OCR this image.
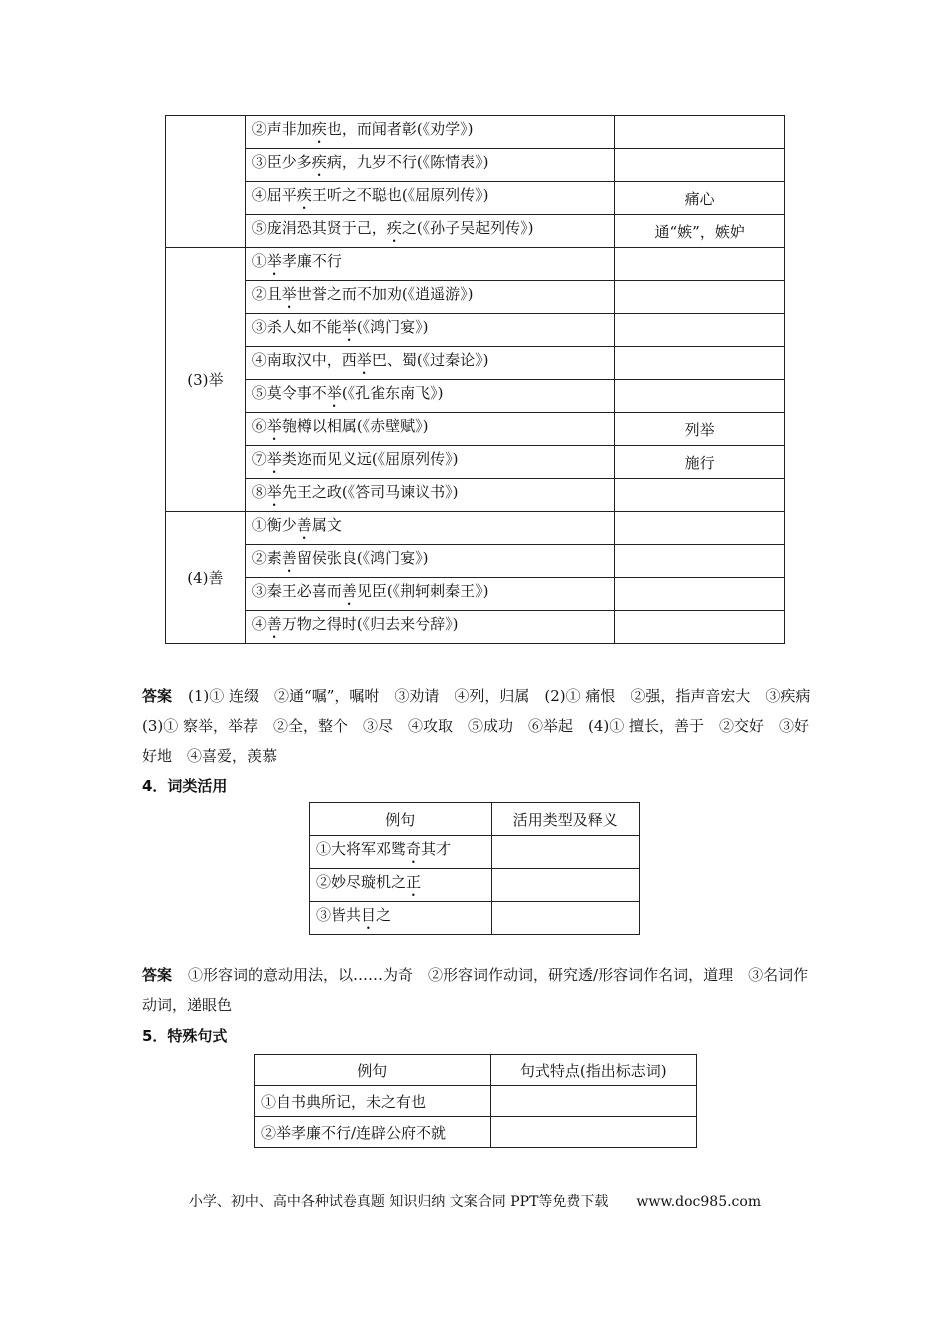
	②声非加疾也，而闻者彰(《劝学》)	
	③臣少多疾病，九岁不行(《陈情表》)	
	④屈平疾王听之不聪也(《屈原列传》)	痛心
	⑤庞涓恐其贤于己，疾之(《孙子吴起列传》)	通“嫉”，嫉妒
(3)举	①举孝廉不行	
	②且举世誉之而不加劝(《逍遥游》)	
	③杀人如不能举(《鸿门宴》)	
	④南取汉中，西举巴、蜀(《过秦论》)	
	⑤莫令事不举(《孔雀东南飞》)	
	⑥举匏樽以相属(《赤壁赋》)	列举
	⑦举类迩而见义远(《屈原列传》)	施行
	⑧举先王之政(《答司马谏议书》)	
(4)善	①衡少善属文	
	②素善留侯张良(《鸿门宴》)	
	③秦王必喜而善见臣(《荆轲刺秦王》)	
	④善万物之得时(《归去来兮辞》)	
答案 (1)① 连缀　②通“嘱”，嘱咐　③劝请　④列，归属　(2)① 痛恨　②强，指声音宏大　③疾病　(3)① 察举，举荐　②全，整个　③尽　④攻取　⑤成功　⑥举起　(4)① 擅长，善于　②交好　③好好地　④喜爱，羡慕
4．词类活用
例句	活用类型及释义
①大将军邓骘奇其才	
②妙尽璇机之正	
③皆共目之	
答案 ①形容词的意动用法，以……为奇　②形容词作动词，研究透/形容词作名词，道理　③名词作动词，递眼色
5．特殊句式
例句	句式特点(指出标志词)
①自书典所记，未之有也	
②举孝廉不行/连辟公府不就	
小学、初中、高中各种试卷真题 知识归纳 文案合同 PPT等免费下载　　www.doc985.com
